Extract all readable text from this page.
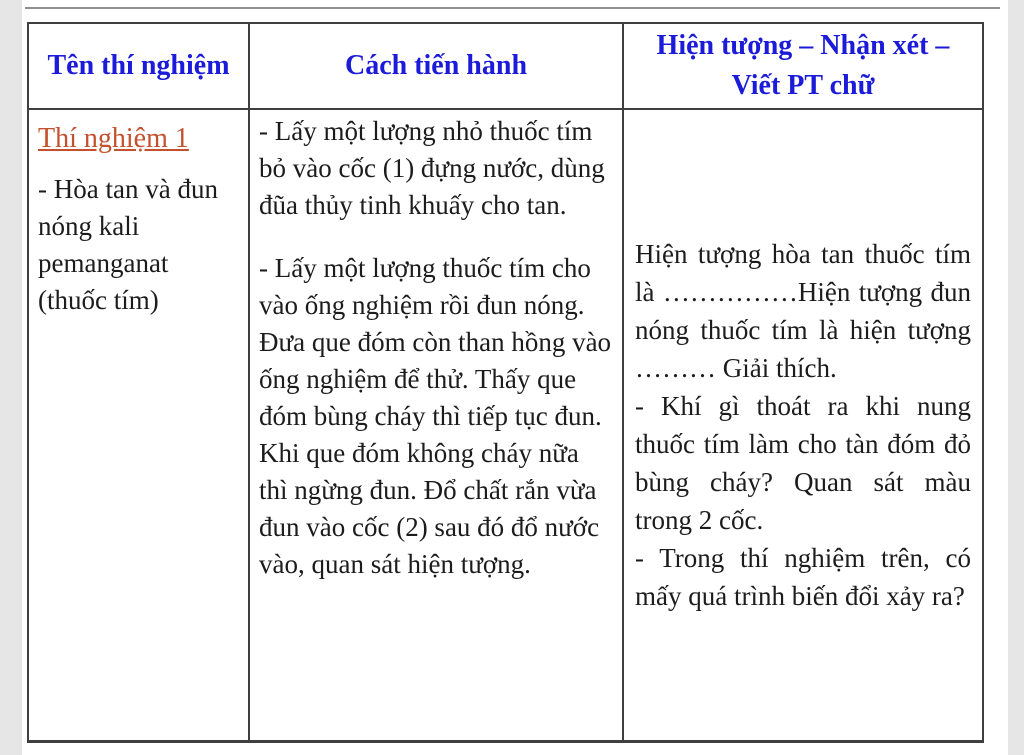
Tên thí nghiệm	Cách tiến hành
Hiện tượng – Nhận xét – Viết PT chữ
Thí nghiệm 1

- Hòa tan và đun nóng kali pemanganat (thuốc tím)

- Lấy một lượng nhỏ thuốc tím bỏ vào cốc (1) đựng nước, dùng đũa thủy tinh khuấy cho tan.

- Lấy một lượng thuốc tím cho vào ống nghiệm rồi đun nóng. Đưa que đóm còn than hồng vào ống nghiệm để thử. Thấy que đóm bùng cháy thì tiếp tục đun. Khi que đóm không cháy nữa thì ngừng đun. Đổ chất rắn vừa đun vào cốc (2) sau đó đổ nước vào, quan sát hiện tượng.

Hiện tượng hòa tan thuốc tím là ……………Hiện tượng đun nóng thuốc tím là hiện tượng ……… Giải thích.

- Khí gì thoát ra khi nung thuốc tím làm cho tàn đóm đỏ bùng cháy? Quan sát màu trong 2 cốc.

- Trong thí nghiệm trên, có mấy quá trình biến đổi xảy ra?
